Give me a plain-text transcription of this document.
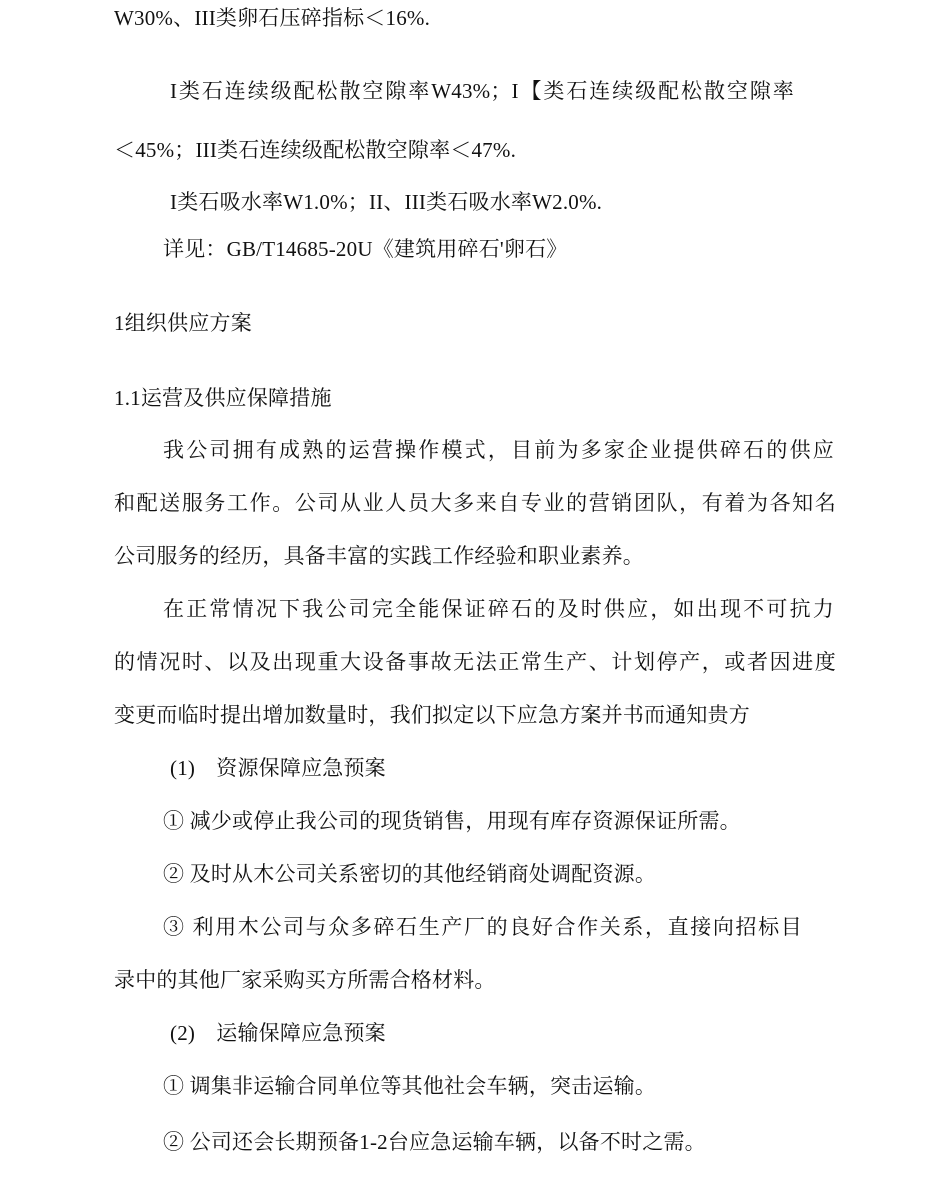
W30%、III类卵石压碎指标＜16%.
I类石连续级配松散空隙率W43%；I【类石连续级配松散空隙率
＜45%；III类石连续级配松散空隙率＜47%.
I类石吸水率W1.0%；II、III类石吸水率W2.0%.
详见：GB/T14685-20U《建筑用碎石'卵石》
1组织供应方案
1.1运营及供应保障措施
我公司拥有成熟的运营操作模式，目前为多家企业提供碎石的供应
和配送服务工作。公司从业人员大多来自专业的营销团队，有着为各知名
公司服务的经历，具备丰富的实践工作经验和职业素养。
在正常情况下我公司完全能保证碎石的及时供应，如出现不可抗力
的情况时、以及出现重大设备事故无法正常生产、计划停产，或者因进度
变更而临时提出增加数量时，我们拟定以下应急方案并书而通知贵方
(1)　资源保障应急预案
① 减少或停止我公司的现货销售，用现有库存资源保证所需。
② 及时从木公司关系密切的其他经销商处调配资源。
③ 利用木公司与众多碎石生产厂的良好合作关系，直接向招标目
录中的其他厂家采购买方所需合格材料。
(2)　运输保障应急预案
① 调集非运输合同单位等其他社会车辆，突击运输。
② 公司还会长期预备1-2台应急运输车辆，以备不时之需。
